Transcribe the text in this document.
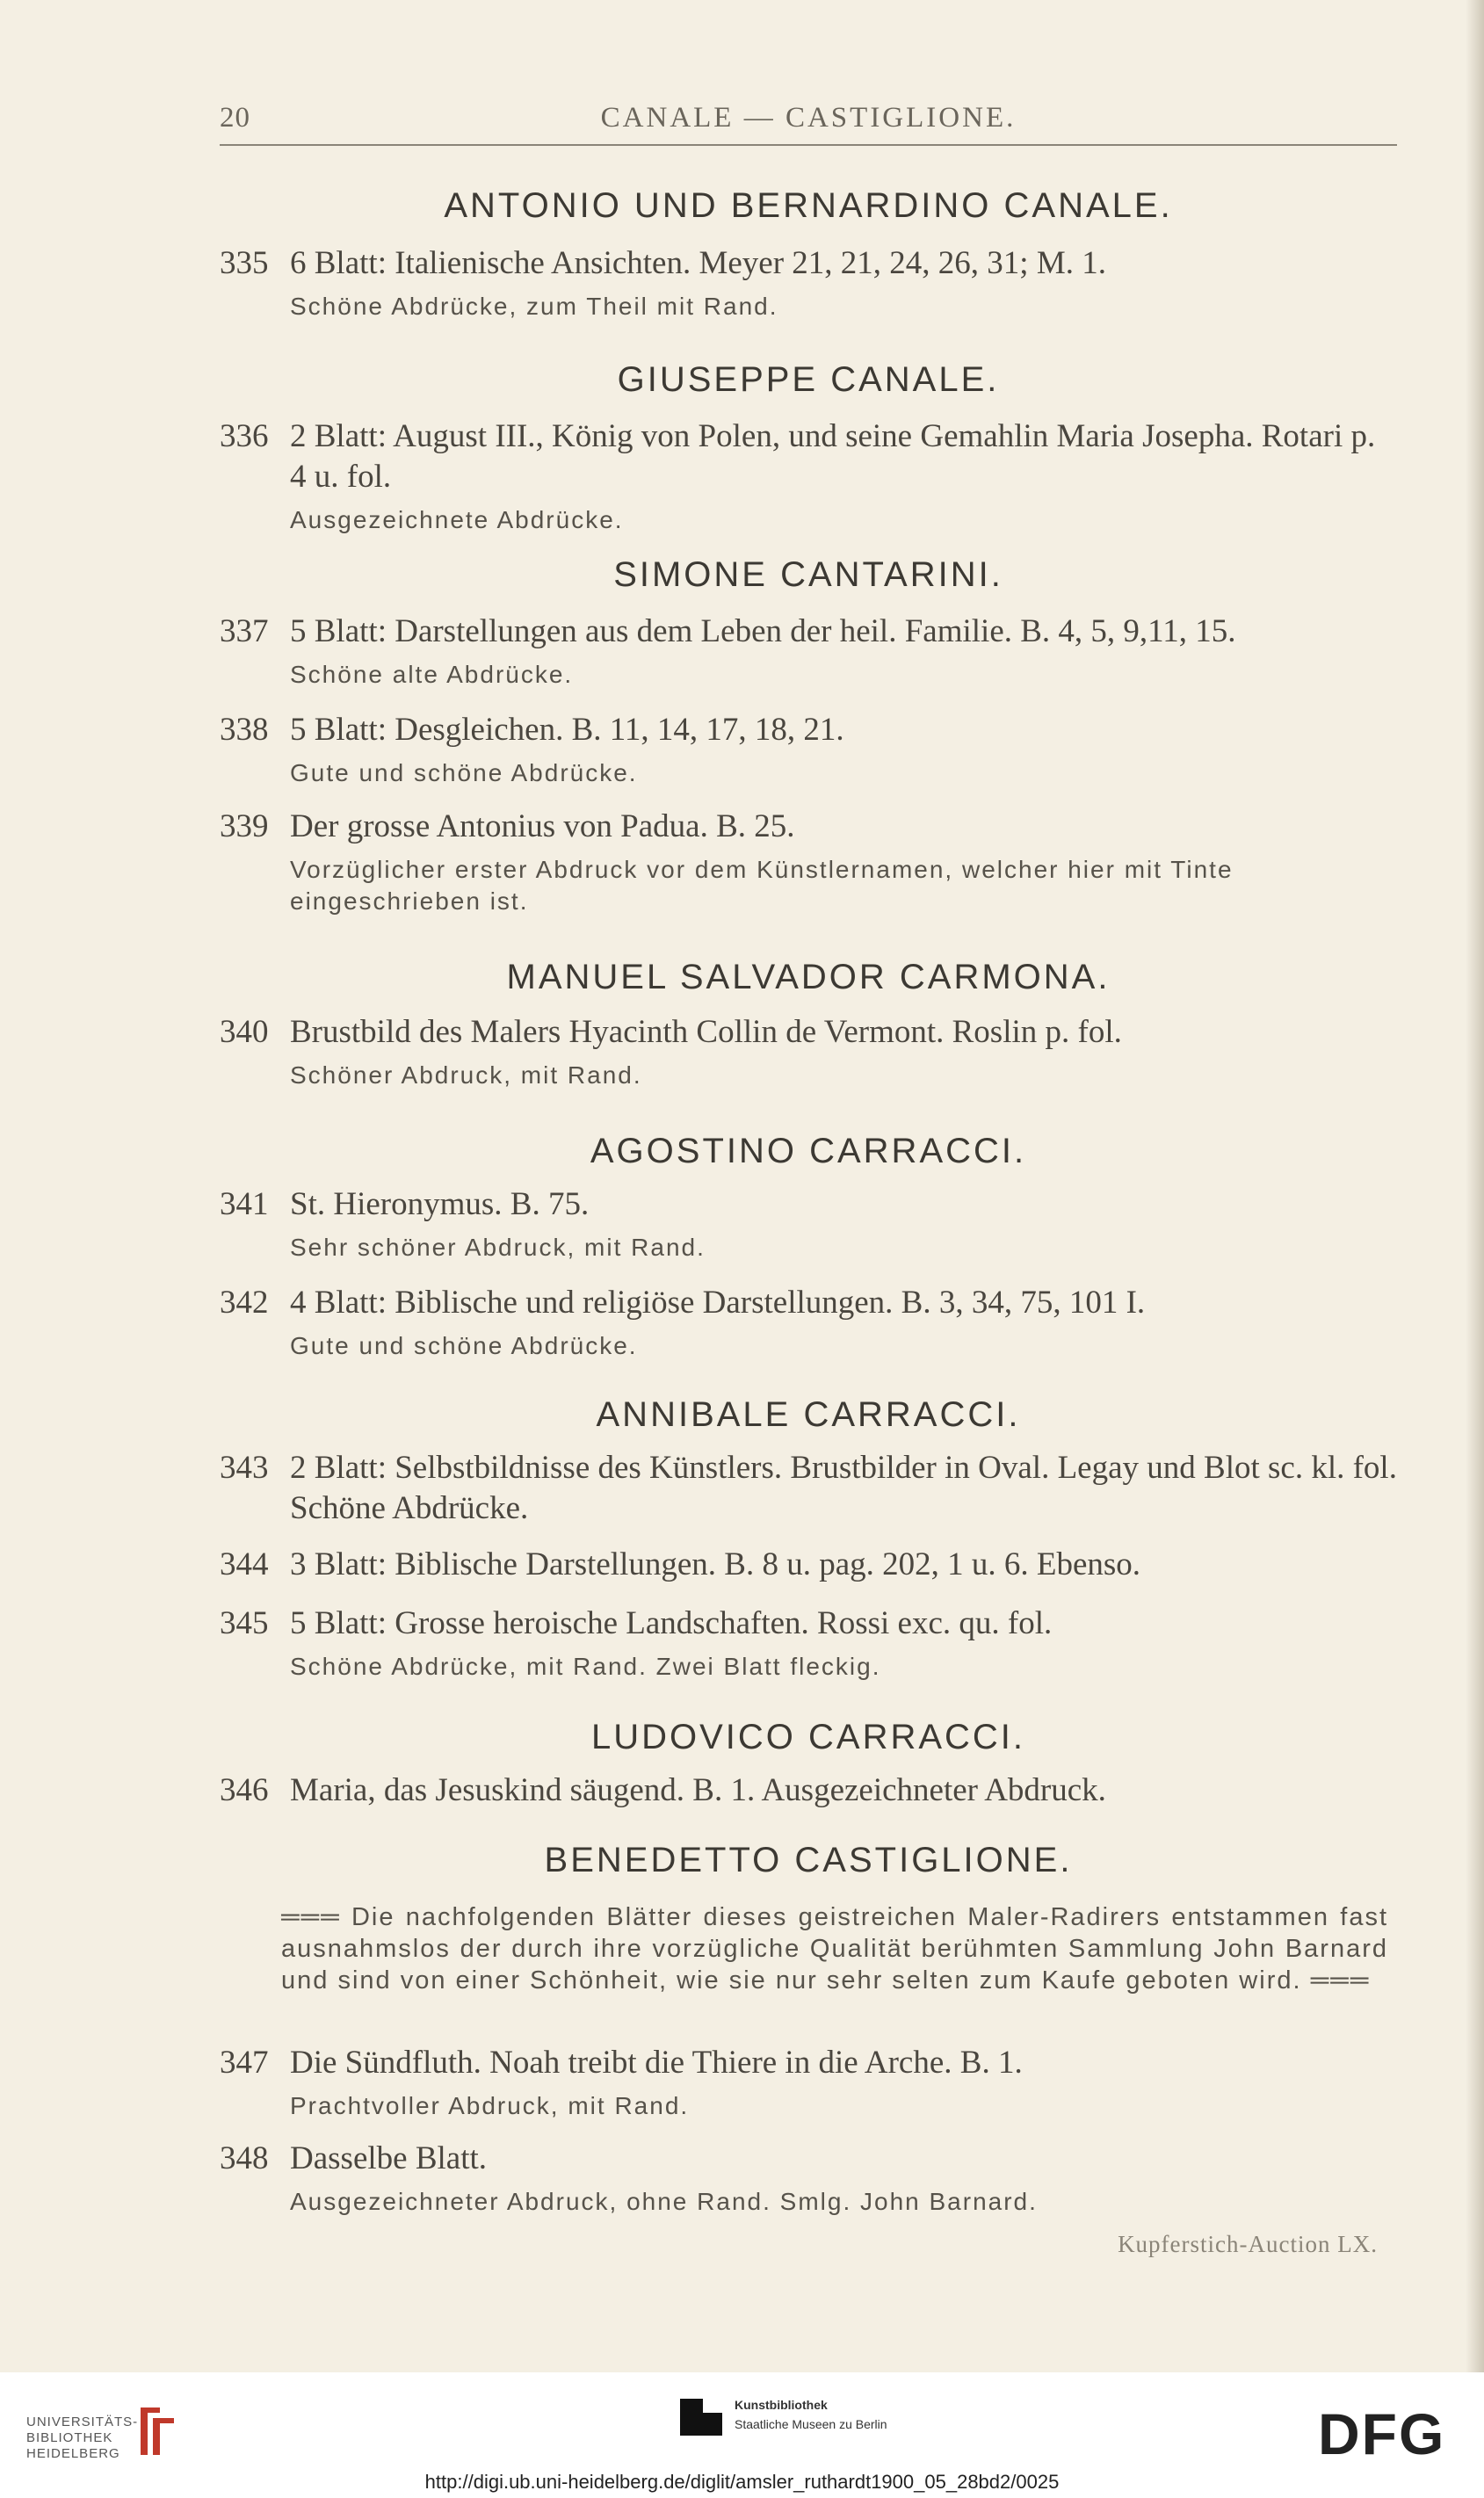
20	CANALE — CASTIGLIONE.
ANTONIO UND BERNARDINO CANALE.
335 6 Blatt: Italienische Ansichten. Meyer 21, 21, 24, 26, 31; M. 1.
Schöne Abdrücke, zum Theil mit Rand.
GIUSEPPE CANALE.
336 2 Blatt: August III., König von Polen, und seine Gemahlin Maria Josepha. Rotari p. 4 u. fol.
Ausgezeichnete Abdrücke.
SIMONE CANTARINI.
337 5 Blatt: Darstellungen aus dem Leben der heil. Familie. B. 4, 5, 9,11, 15.
Schöne alte Abdrücke.
338 5 Blatt: Desgleichen. B. 11, 14, 17, 18, 21.
Gute und schöne Abdrücke.
339 Der grosse Antonius von Padua. B. 25.
Vorzüglicher erster Abdruck vor dem Künstlernamen, welcher hier mit Tinte eingeschrieben ist.
MANUEL SALVADOR CARMONA.
340 Brustbild des Malers Hyacinth Collin de Vermont. Roslin p. fol.
Schöner Abdruck, mit Rand.
AGOSTINO CARRACCI.
341 St. Hieronymus. B. 75.
Sehr schöner Abdruck, mit Rand.
342 4 Blatt: Biblische und religiöse Darstellungen. B. 3, 34, 75, 101 I.
Gute und schöne Abdrücke.
ANNIBALE CARRACCI.
343 2 Blatt: Selbstbildnisse des Künstlers. Brustbilder in Oval. Legay und Blot sc. kl. fol. Schöne Abdrücke.
344 3 Blatt: Biblische Darstellungen. B. 8 u. pag. 202, 1 u. 6. Ebenso.
345 5 Blatt: Grosse heroische Landschaften. Rossi exc. qu. fol.
Schöne Abdrücke, mit Rand. Zwei Blatt fleckig.
LUDOVICO CARRACCI.
346 Maria, das Jesuskind säugend. B. 1. Ausgezeichneter Abdruck.
BENEDETTO CASTIGLIONE.
═══ Die nachfolgenden Blätter dieses geistreichen Maler-Radirers entstammen fast ausnahmslos der durch ihre vorzügliche Qualität berühmten Sammlung John Barnard und sind von einer Schönheit, wie sie nur sehr selten zum Kaufe geboten wird. ═══
347 Die Sündfluth. Noah treibt die Thiere in die Arche. B. 1.
Prachtvoller Abdruck, mit Rand.
348 Dasselbe Blatt.
Ausgezeichneter Abdruck, ohne Rand. Smlg. John Barnard.
Kupferstich-Auction LX.
UNIVERSITÄTS- BIBLIOTHEK HEIDELBERG
Kunstbibliothek
Staatliche Museen zu Berlin	DFG
http://digi.ub.uni-heidelberg.de/diglit/amsler_ruthardt1900_05_28bd2/0025
